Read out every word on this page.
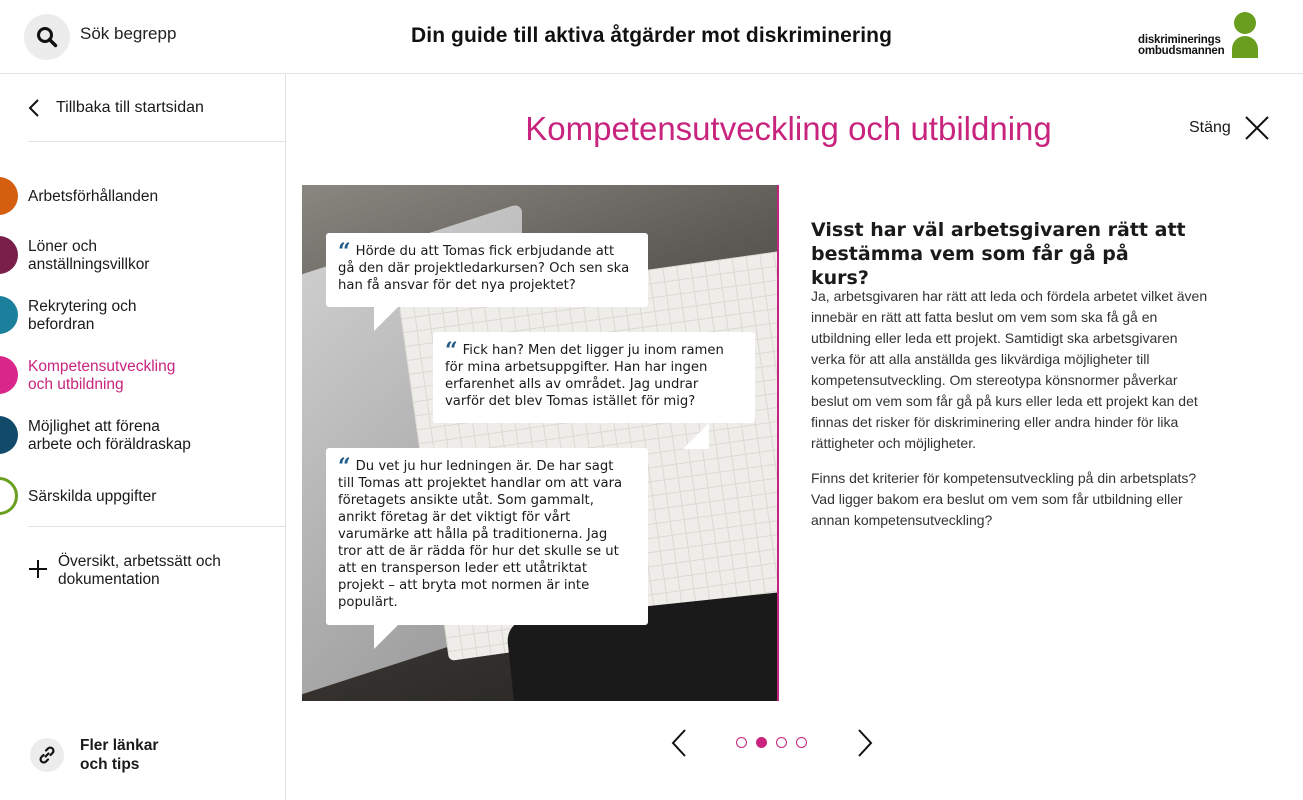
Sök begrepp	Din guide till aktiva åtgärder mot diskriminering	diskriminerings
ombudsmannen
Tillbaka till startsidan
Arbetsförhållanden
Löner och
anställningsvillkor
Rekrytering och
befordran
Kompetensutveckling
och utbildning
Möjlighet att förena
arbete och föräldraskap
Särskilda uppgifter
Översikt, arbetssätt och
dokumentation
Fler länkar
och tips
Kompetensutveckling och utbildning	Stäng
“ Hörde du att Tomas fick erbjudande att
gå den där projektledarkursen? Och sen ska
han få ansvar för det nya projektet?
“ Fick han? Men det ligger ju inom ramen
för mina arbetsuppgifter. Han har ingen
erfarenhet alls av området. Jag undrar
varför det blev Tomas istället för mig?
“ Du vet ju hur ledningen är. De har sagt
till Tomas att projektet handlar om att vara
företagets ansikte utåt. Som gammalt,
anrikt företag är det viktigt för vårt
varumärke att hålla på traditionerna. Jag
tror att de är rädda för hur det skulle se ut
att en transperson leder ett utåtriktat
projekt – att bryta mot normen är inte
populärt.
Visst har väl arbetsgivaren rätt att
bestämma vem som får gå på kurs?
Ja, arbetsgivaren har rätt att leda och fördela arbetet vilket även
innebär en rätt att fatta beslut om vem som ska få gå en
utbildning eller leda ett projekt. Samtidigt ska arbetsgivaren
verka för att alla anställda ges likvärdiga möjligheter till
kompetensutveckling. Om stereotypa könsnormer påverkar
beslut om vem som får gå på kurs eller leda ett projekt kan det
finnas det risker för diskriminering eller andra hinder för lika
rättigheter och möjligheter.
Finns det kriterier för kompetensutveckling på din arbetsplats?
Vad ligger bakom era beslut om vem som får utbildning eller
annan kompetensutveckling?
